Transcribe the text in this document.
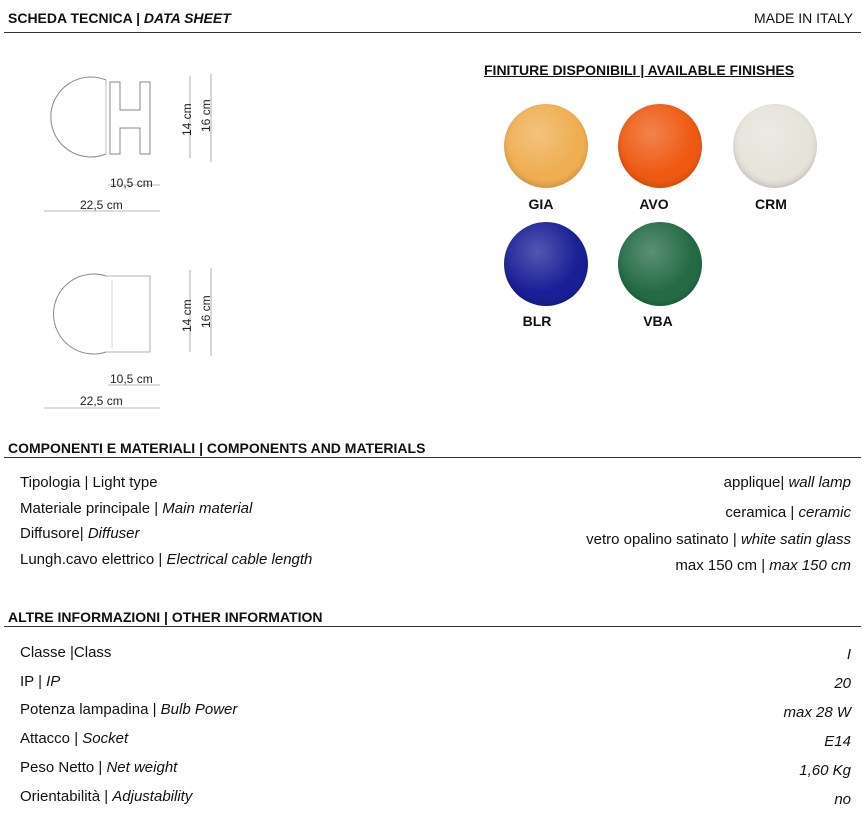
SCHEDA TECNICA | DATA SHEET	MADE IN ITALY
10,5 cm
22,5 cm
14 cm 16 cm
10,5 cm
22,5 cm
14 cm 16 cm
FINITURE DISPONIBILI | AVAILABLE FINISHES
GIA	AVO	CRM
BLR	VBA
COMPONENTI E MATERIALI | COMPONENTS AND MATERIALS
Tipologia | Light type	applique| wall lamp
Materiale principale | Main material	ceramica | ceramic
Diffusore| Diffuser	vetro opalino satinato | white satin glass
Lungh.cavo elettrico | Electrical cable length	max 150 cm | max 150 cm
ALTRE INFORMAZIONI | OTHER INFORMATION
Classe |Class	I
IP | IP	20
Potenza lampadina | Bulb Power	max 28 W
Attacco | Socket	E14
Peso Netto | Net weight	1,60 Kg
Orientabilità | Adjustability	no
